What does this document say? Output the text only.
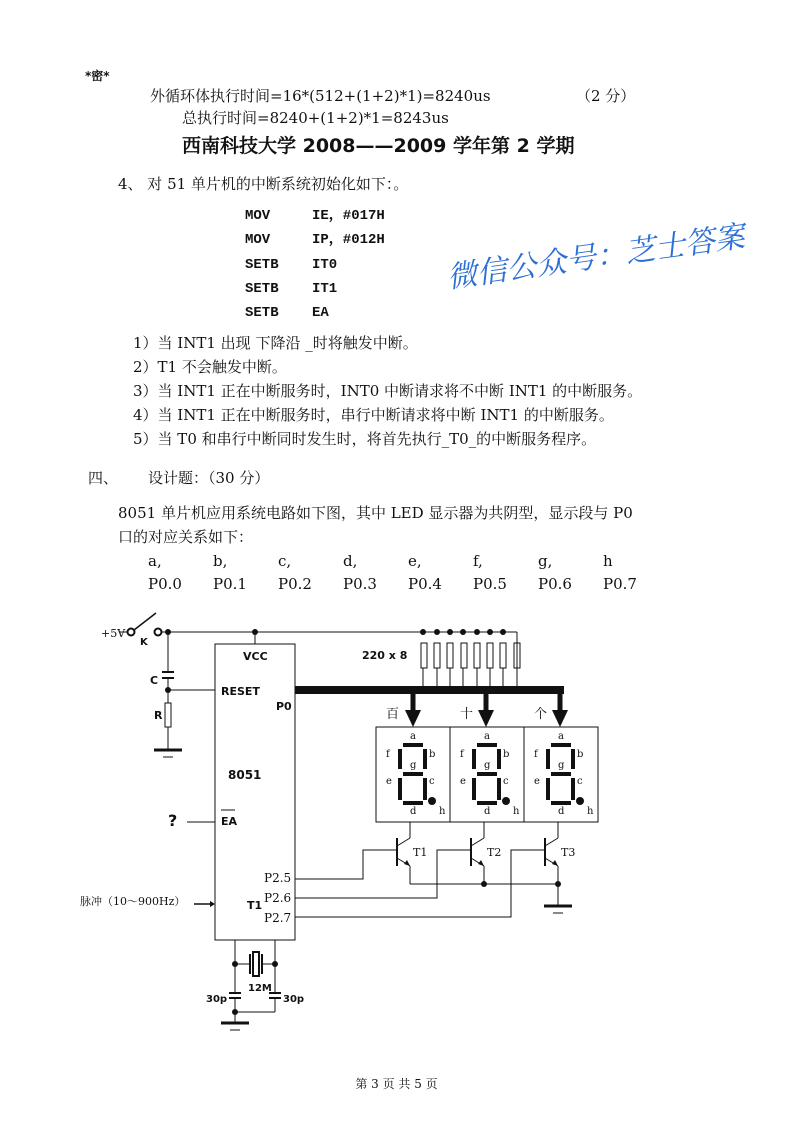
*密*
外循环体执行时间=16*(512+(1+2)*1)=8240us	（2 分）
总执行时间=8240+(1+2)*1=8243us
西南科技大学 2008——2009 学年第 2 学期
4、 对 51 单片机的中断系统初始化如下：。
MOV	IE，#017H
MOV	IP，#012H
SETB IT0
SETB IT1
SETB EA
1）当 INT1 出现 下降沿 _时将触发中断。
2）T1 不会触发中断。
3）当 INT1 正在中断服务时，INT0 中断请求将不中断 INT1 的中断服务。
4）当 INT1 正在中断服务时，串行中断请求将中断 INT1 的中断服务。
5）当 T0 和串行中断同时发生时，将首先执行_T0_的中断服务程序。
四、 设计题：（30 分）
8051 单片机应用系统电路如下图，其中 LED 显示器为共阴型，显示段与 P0
口的对应关系如下：
a,	b,	c,	d,	e,	f,	g,	h
P0.0 P0.1 P0.2 P0.3 P0.4 P0.5 P0.6 P0.7
+5V
K
C
R
VCC
RESET
P0
8051
EA
?
T1
脉冲（10～900Hz）
P2.5
P2.6
P2.7
220 x 8
百	十	个
T1	T2	T3
12M
30p	30p
a
b
c
d
e
f
g
h
a
b
c
d
e
f
g
h
a
b
c
d
e
f
g
h
微信公众号：芝士答案
第 3 页 共 5 页
